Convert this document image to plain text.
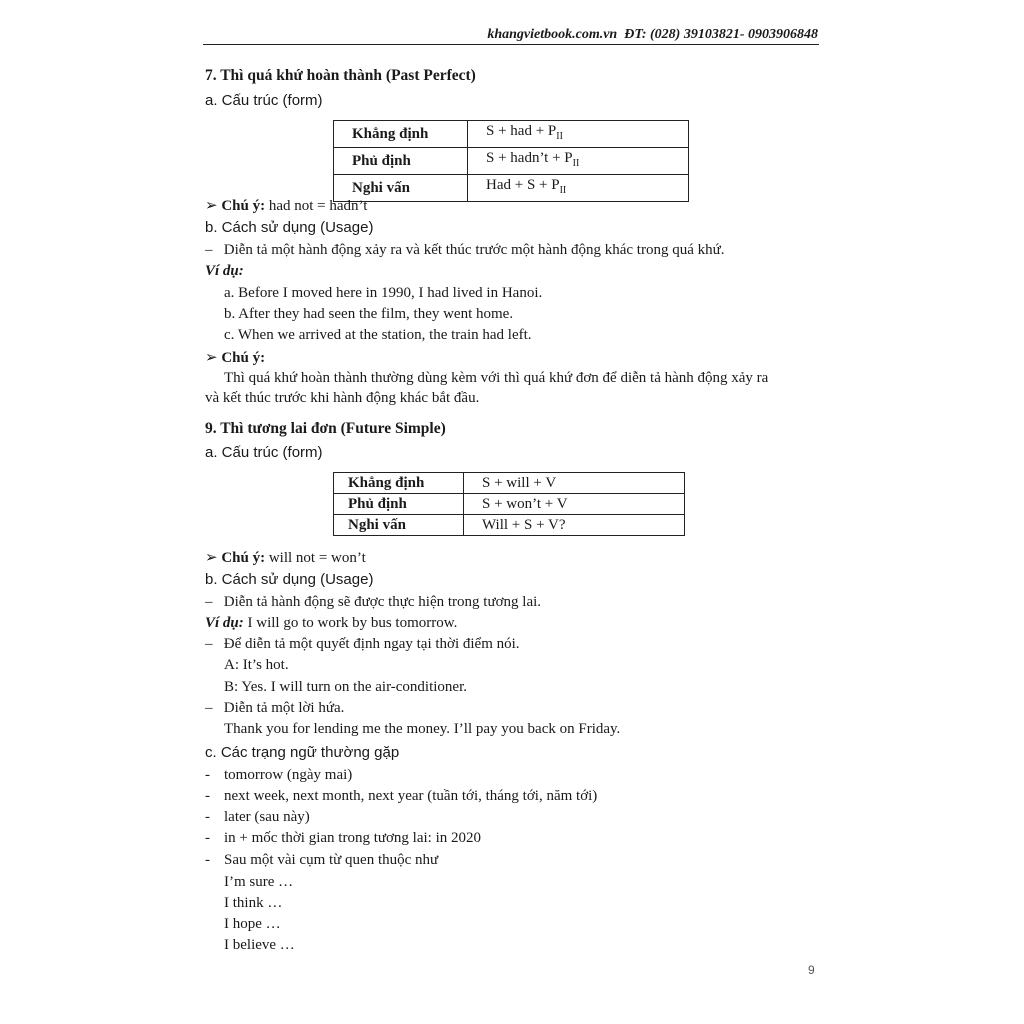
khangvietbook.com.vn ĐT: (028) 39103821- 0903906848
7. Thì quá khứ hoàn thành (Past Perfect)
a. Cấu trúc (form)
Khẳng định	S + had + $P_{II}$
Phủ định	S + hadn’t + $P_{II}$
Nghi vấn	Had + $S + P_{II}$
➢ Chú ý: had not = hadn’t
b. Cách sử dụng (Usage)
– Diễn tả một hành động xảy ra và kết thúc trước một hành động khác trong quá khứ.
Ví dụ:
a. Before I moved here in 1990, I had lived in Hanoi.
b. After they had seen the film, they went home.
c. When we arrived at the station, the train had left.
➢ Chú ý:
Thì quá khứ hoàn thành thường dùng kèm với thì quá khứ đơn để diễn tả hành động xảy ra
và kết thúc trước khi hành động khác bắt đầu.
9. Thì tương lai đơn (Future Simple)
a. Cấu trúc (form)
Khẳng định	S + will + V
Phủ định	S + won’t + V
Nghi vấn	Will + S + V?
➢ Chú ý: will not = won’t
b. Cách sử dụng (Usage)
– Diễn tả hành động sẽ được thực hiện trong tương lai.
Ví dụ: I will go to work by bus tomorrow.
– Để diễn tả một quyết định ngay tại thời điểm nói.
A: It’s hot.
B: Yes. I will turn on the air-conditioner.
– Diễn tả một lời hứa.
Thank you for lending me the money. I’ll pay you back on Friday.
c. Các trạng ngữ thường gặp
- tomorrow (ngày mai)
- next week, next month, next year (tuần tới, tháng tới, năm tới)
- later (sau này)
- in + mốc thời gian trong tương lai: in 2020
- Sau một vài cụm từ quen thuộc như
I’m sure …
I think …
I hope …
I believe …
9
